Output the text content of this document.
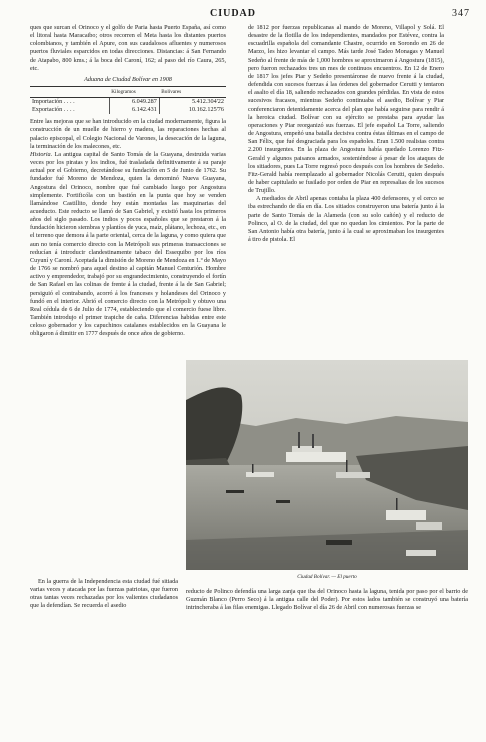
CIUDAD	347

ques que surcan el Orinoco y el golfo de Paria hasta Puerto España, así como el litoral hasta Maracaibo; otros recorren el Meta hasta los distantes puertos colombianos, y también el Apure, con sus caudalosos afluentes y numerosos puertos fluviales esparcidos en todas direcciones. Distancias: á San Fernando de Atapabo, 800 kms.; á la boca del Caroní, 162; al paso del río Caura, 265, etc.

Aduana de Ciudad Bolívar en 1908
	Kilogramos	Bolívares
Importación . . . .	6.049.287	5.412.304'22
Exportación . . . .	6.142.431	10.162.125'76

Entre las mejoras que se han introducido en la ciudad modernamente, figura la construcción de un muelle de hierro y madera, las reparaciones hechas al palacio episcopal, el Colegio Nacional de Varones, la desecación de la laguna, la terminación de los malecones, etc.

Historia. La antigua capital de Santo Tomás de la Guayana, destruida varias veces por los piratas y los indios, fué trasladada definitivamente á su paraje actual por el Gobierno, decretándose su fundación en 5 de Junio de 1762. Su fundador fué Moreno de Mendoza, quien la denominó Nueva Guayana, Angostura del Orinoco, nombre que fué cambiado luego por Angostura simplemente. Fortificóla con un bastión en la punta que hoy se venden llamándose Castillito, donde hoy están montadas las maquinarias del acueducto. Este reducto se llamó de San Gabriel, y existió hasta los primeros años del siglo pasado. Los indios y pocos españoles que se prestaron á la fundación hicieron siembras y plantíos de yuca, maíz, plátano, lechoza, etc., en el terreno que demora á la parte oriental, cerca de la laguna, y como quiera que aun no tenía comercio directo con la Metrópoli sus primeras transacciones se reducían á introducir clandestinamente tabaco del Essequibo por los ríos Cuyuní y Caroní. Aceptada la dimisión de Moreno de Mendoza en 1.º de Mayo de 1766 se nombró para aquel destino al capitán Manuel Centurión. Hombre activo y emprendedor, trabajó por su engrandecimiento, construyendo el fortín de San Rafael en las colinas de frente á la ciudad, frente á la de San Gabriel; persiguió el contrabando, acorró á los franceses y holandeses del Orinoco y fundó en el interior. Abrió el comercio directo con la Metrópoli y obtuvo una Real cédula de 6 de Julio de 1774, estableciendo que el comercio fuese libre. También introdujo el primer trapiche de caña. Diferencias habidas entre este celoso gobernador y los capuchinos catalanes establecidos en la Guayana le obligaron á dimitir en 1777 después de once años de gobierno.

de 1812 por fuerzas republicanas al mando de Moreno, Villapol y Solá. El desastre de la flotilla de los independientes, mandados por Estévez, contra la escuadrilla española del comandante Chastre, ocurrido en Sorondo en 26 de Marzo, les hizo levantar el campo. Más tarde José Tadeo Monagas y Manuel Sedeño al frente de más de 1,000 hombres se aproximaron á Angostura (1815), pero fueron rechazados tres un mes de continuos encuentros. En 12 de Enero de 1817 los jefes Piar y Sedeño presentáronse de nuevo frente á la ciudad, defendida con sucesos fuerzas á las órdenes del gobernador Cerutti y tentaron el asalto el día 18, saliendo rechazados con grandes pérdidas. En vista de estos sucesivos fracasos, mientras Sedeño continuaba el asedio, Bolívar y Piar conferenciaron detenidamente acerca del plan que había seguirse para rendir á la heroica ciudad. Bolívar con su ejército se prestaba para ayudar las operaciones y Piar reorganizó sus fuerzas. El jefe español La Torre, saliendo de Angostura, empeñó una batalla decisiva contra éstas últimas en el campo de San Félix, que fué desgraciada para los españoles. Eran 1.500 realistas contra 2.200 insurgentes. En la plaza de Angostura había quedado Lorenzo Fitz-Gerald y algunos paisanos armados, sosteniéndose á pesar de los ataques de los sitiadores, pues La Torre regresó poco después con los hombres de Sedeño. Fitz-Gerald había reemplazado al gobernador Nicolás Cerutti, quien después de haber capitulado se fusilado por orden de Piar en represalias de los sucesos de Trujillo.

A mediados de Abril apenas contaba la plaza 400 defensores, y el cerco se iba estrechando de día en día. Los sitiados construyeron una batería junto á la parte de Santo Tomás de la Alameda (con su solo cañón) y el reducto de Polinco, al O. de la ciudad, del que no quedan los cimientos. Por la parte de San Antonio había otra batería, junto á la cual se aproximaban los insurgentes á tiro de pistola. El

Ciudad Bolívar. — El puerto

En la guerra de la Independencia esta ciudad fué sitiada varias veces y atacada por las fuerzas patriotas, que fueron otras tantas veces rechazadas por los valientes ciudadanos que la defendían. Se recuerda el asedio

reducto de Polinco defendía una larga zanja que iba del Orinoco hasta la laguna, tenida por paso por el barrio de Guzmán Blanco (Perro Seco) á la antigua calle del Poder). Por estos lados también se construyó una batería intrincheraba á las filas enemigas. Llegado Bolívar el día 26 de Abril con numerosas fuerzas se
